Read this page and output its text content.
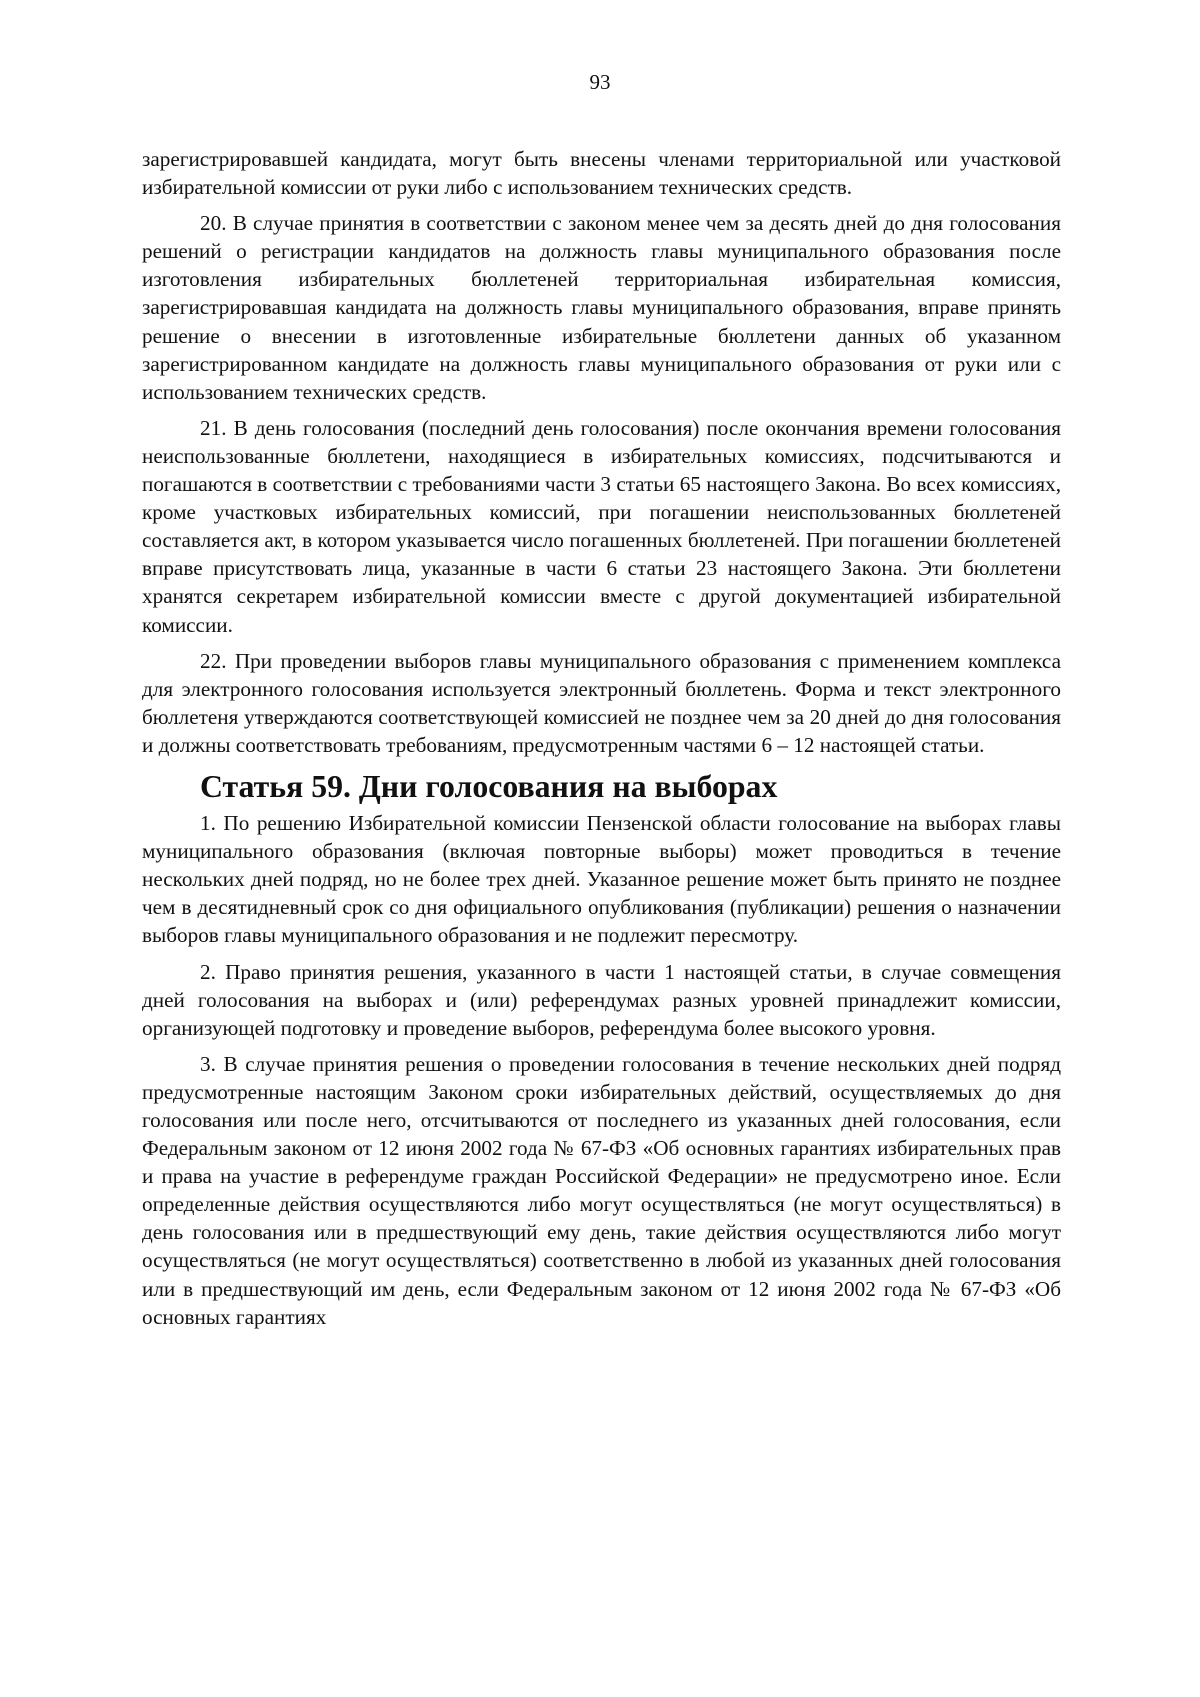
93

зарегистрировавшей кандидата, могут быть внесены членами территориальной или участковой избирательной комиссии от руки либо с использованием технических средств.

20. В случае принятия в соответствии с законом менее чем за десять дней до дня голосования решений о регистрации кандидатов на должность главы муниципального образования после изготовления избирательных бюллетеней территориальная избирательная комиссия, зарегистрировавшая кандидата на должность главы муниципального образования, вправе принять решение о внесении в изготовленные избирательные бюллетени данных об указанном зарегистрированном кандидате на должность главы муниципального образования от руки или с использованием технических средств.

21. В день голосования (последний день голосования) после окончания времени голосования неиспользованные бюллетени, находящиеся в избирательных комиссиях, подсчитываются и погашаются в соответствии с требованиями части 3 статьи 65 настоящего Закона. Во всех комиссиях, кроме участковых избирательных комиссий, при погашении неиспользованных бюллетеней составляется акт, в котором указывается число погашенных бюллетеней. При погашении бюллетеней вправе присутствовать лица, указанные в части 6 статьи 23 настоящего Закона. Эти бюллетени хранятся секретарем избирательной комиссии вместе с другой документацией избирательной комиссии.

22. При проведении выборов главы муниципального образования с применением комплекса для электронного голосования используется электронный бюллетень. Форма и текст электронного бюллетеня утверждаются соответствующей комиссией не позднее чем за 20 дней до дня голосования и должны соответствовать требованиям, предусмотренным частями 6 – 12 настоящей статьи.

Статья 59. Дни голосования на выборах

1. По решению Избирательной комиссии Пензенской области голосование на выборах главы муниципального образования (включая повторные выборы) может проводиться в течение нескольких дней подряд, но не более трех дней. Указанное решение может быть принято не позднее чем в десятидневный срок со дня официального опубликования (публикации) решения о назначении выборов главы муниципального образования и не подлежит пересмотру.

2. Право принятия решения, указанного в части 1 настоящей статьи, в случае совмещения дней голосования на выборах и (или) референдумах разных уровней принадлежит комиссии, организующей подготовку и проведение выборов, референдума более высокого уровня.

3. В случае принятия решения о проведении голосования в течение нескольких дней подряд предусмотренные настоящим Законом сроки избирательных действий, осуществляемых до дня голосования или после него, отсчитываются от последнего из указанных дней голосования, если Федеральным законом от 12 июня 2002 года № 67-ФЗ «Об основных гарантиях избирательных прав и права на участие в референдуме граждан Российской Федерации» не предусмотрено иное. Если определенные действия осуществляются либо могут осуществляться (не могут осуществляться) в день голосования или в предшествующий ему день, такие действия осуществляются либо могут осуществляться (не могут осуществляться) соответственно в любой из указанных дней голосования или в предшествующий им день, если Федеральным законом от 12 июня 2002 года № 67-ФЗ «Об основных гарантиях
